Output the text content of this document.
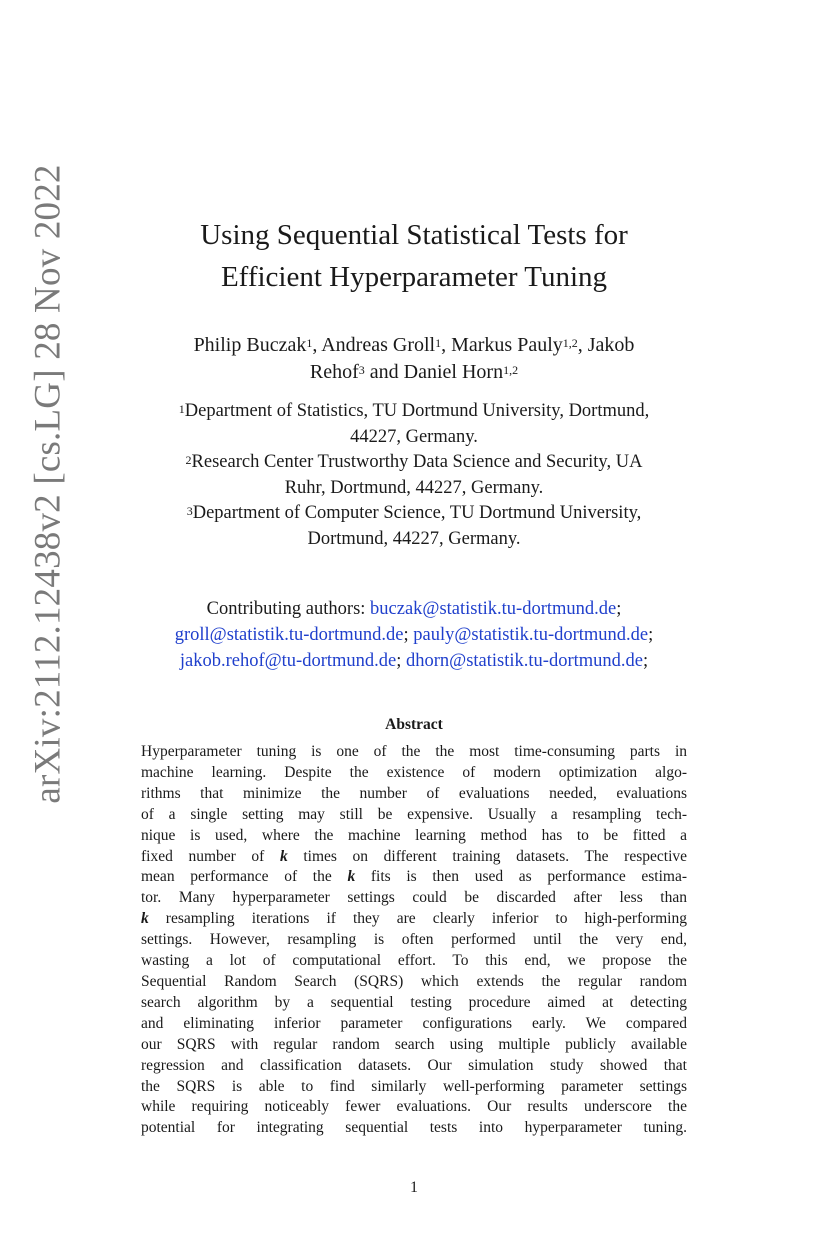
arXiv:2112.12438v2 [cs.LG] 28 Nov 2022	Using Sequential Statistical Tests for
Efficient Hyperparameter Tuning
Philip Buczak$^1$, Andreas Groll$^1$, Markus Pauly$^{1,2}$, Jakob
Rehof$^3$ and Daniel Horn$^{1,2}$
$^1$Department of Statistics, TU Dortmund University, Dortmund,
44227, Germany.
$^2$Research Center Trustworthy Data Science and Security, UA
Ruhr, Dortmund, 44227, Germany.
$^3$Department of Computer Science, TU Dortmund University,
Dortmund, 44227, Germany.
Contributing authors: buczak@statistik.tu-dortmund.de;
groll@statistik.tu-dortmund.de; pauly@statistik.tu-dortmund.de;
jakob.rehof@tu-dortmund.de; dhorn@statistik.tu-dortmund.de;
Abstract
Hyperparameter tuning is one of the the most time-consuming parts in
machine learning. Despite the existence of modern optimization algo-
rithms that minimize the number of evaluations needed, evaluations
of a single setting may still be expensive. Usually a resampling tech-
nique is used, where the machine learning method has to be fitted a
fixed number of k times on different training datasets. The respective
mean performance of the k fits is then used as performance estima-
tor. Many hyperparameter settings could be discarded after less than
k resampling iterations if they are clearly inferior to high-performing
settings. However, resampling is often performed until the very end,
wasting a lot of computational effort. To this end, we propose the
Sequential Random Search (SQRS) which extends the regular random
search algorithm by a sequential testing procedure aimed at detecting
and eliminating inferior parameter configurations early. We compared
our SQRS with regular random search using multiple publicly available
regression and classification datasets. Our simulation study showed that
the SQRS is able to find similarly well-performing parameter settings
while requiring noticeably fewer evaluations. Our results underscore the
potential for integrating sequential tests into hyperparameter tuning.
1
